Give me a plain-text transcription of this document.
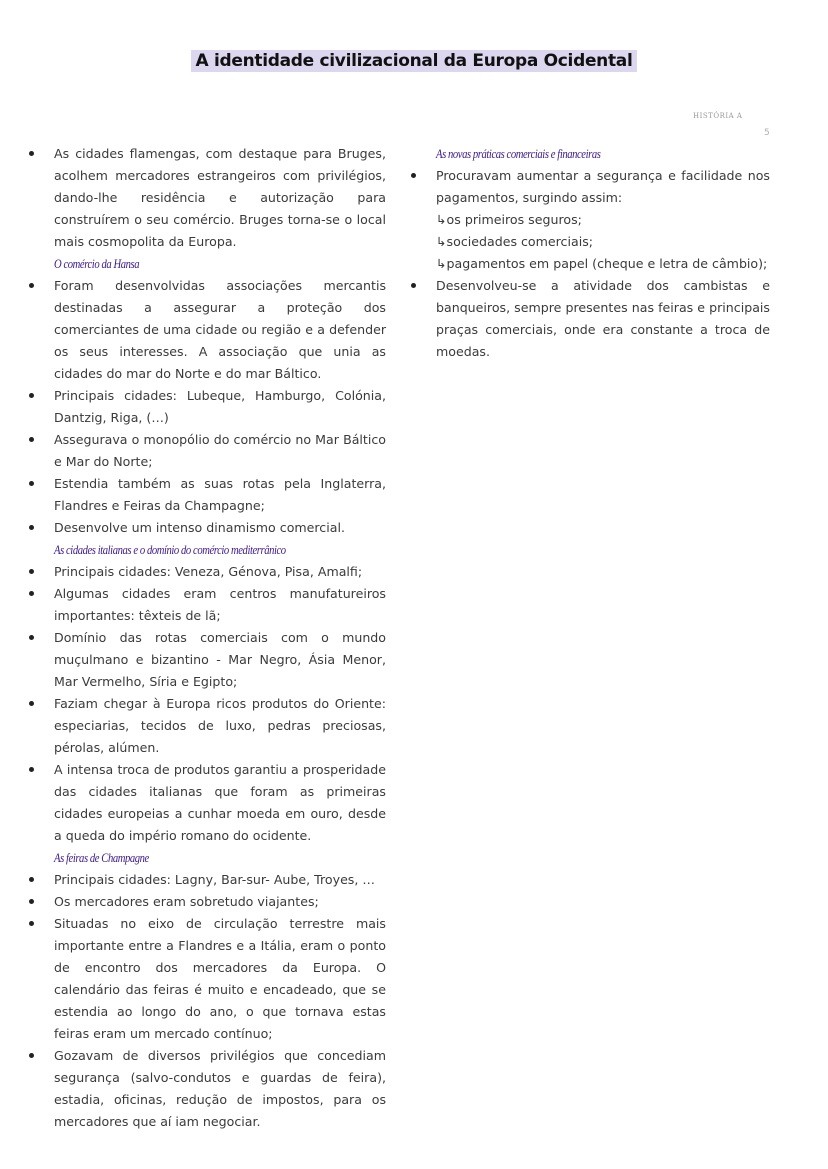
A identidade civilizacional da Europa Ocidental
HISTÓRIA A
5
As cidades flamengas, com destaque para Bruges, acolhem mercadores estrangeiros com privilégios, dando-lhe residência e autorização para construírem o seu comércio. Bruges torna-se o local mais cosmopolita da Europa.
O comércio da Hansa
Foram desenvolvidas associações mercantis destinadas a assegurar a proteção dos comerciantes de uma cidade ou região e a defender os seus interesses. A associação que unia as cidades do mar do Norte e do mar Báltico.
Principais cidades: Lubeque, Hamburgo, Colónia, Dantzig, Riga, (…)
Assegurava o monopólio do comércio no Mar Báltico e Mar do Norte;
Estendia também as suas rotas pela Inglaterra, Flandres e Feiras da Champagne;
Desenvolve um intenso dinamismo comercial.
As cidades italianas e o domínio do comércio mediterrânico
Principais cidades: Veneza, Génova, Pisa, Amalfi;
Algumas cidades eram centros manufatureiros importantes: têxteis de lã;
Domínio das rotas comerciais com o mundo muçulmano e bizantino - Mar Negro, Ásia Menor, Mar Vermelho, Síria e Egipto;
Faziam chegar à Europa ricos produtos do Oriente: especiarias, tecidos de luxo, pedras preciosas, pérolas, alúmen.
A intensa troca de produtos garantiu a prosperidade das cidades italianas que foram as primeiras cidades europeias a cunhar moeda em ouro, desde a queda do império romano do ocidente.
As feiras de Champagne
Principais cidades: Lagny, Bar-sur- Aube, Troyes, …
Os mercadores eram sobretudo viajantes;
Situadas no eixo de circulação terrestre mais importante entre a Flandres e a Itália, eram o ponto de encontro dos mercadores da Europa. O calendário das feiras é muito e encadeado, que se estendia ao longo do ano, o que tornava estas feiras eram um mercado contínuo;
Gozavam de diversos privilégios que concediam segurança (salvo-condutos e guardas de feira), estadia, oficinas, redução de impostos, para os mercadores que aí iam negociar.
As novas práticas comerciais e financeiras
Procuravam aumentar a segurança e facilidade nos pagamentos, surgindo assim:
↳os primeiros seguros;
↳sociedades comerciais;
↳pagamentos em papel (cheque e letra de câmbio);
Desenvolveu-se a atividade dos cambistas e banqueiros, sempre presentes nas feiras e principais praças comerciais, onde era constante a troca de moedas.
